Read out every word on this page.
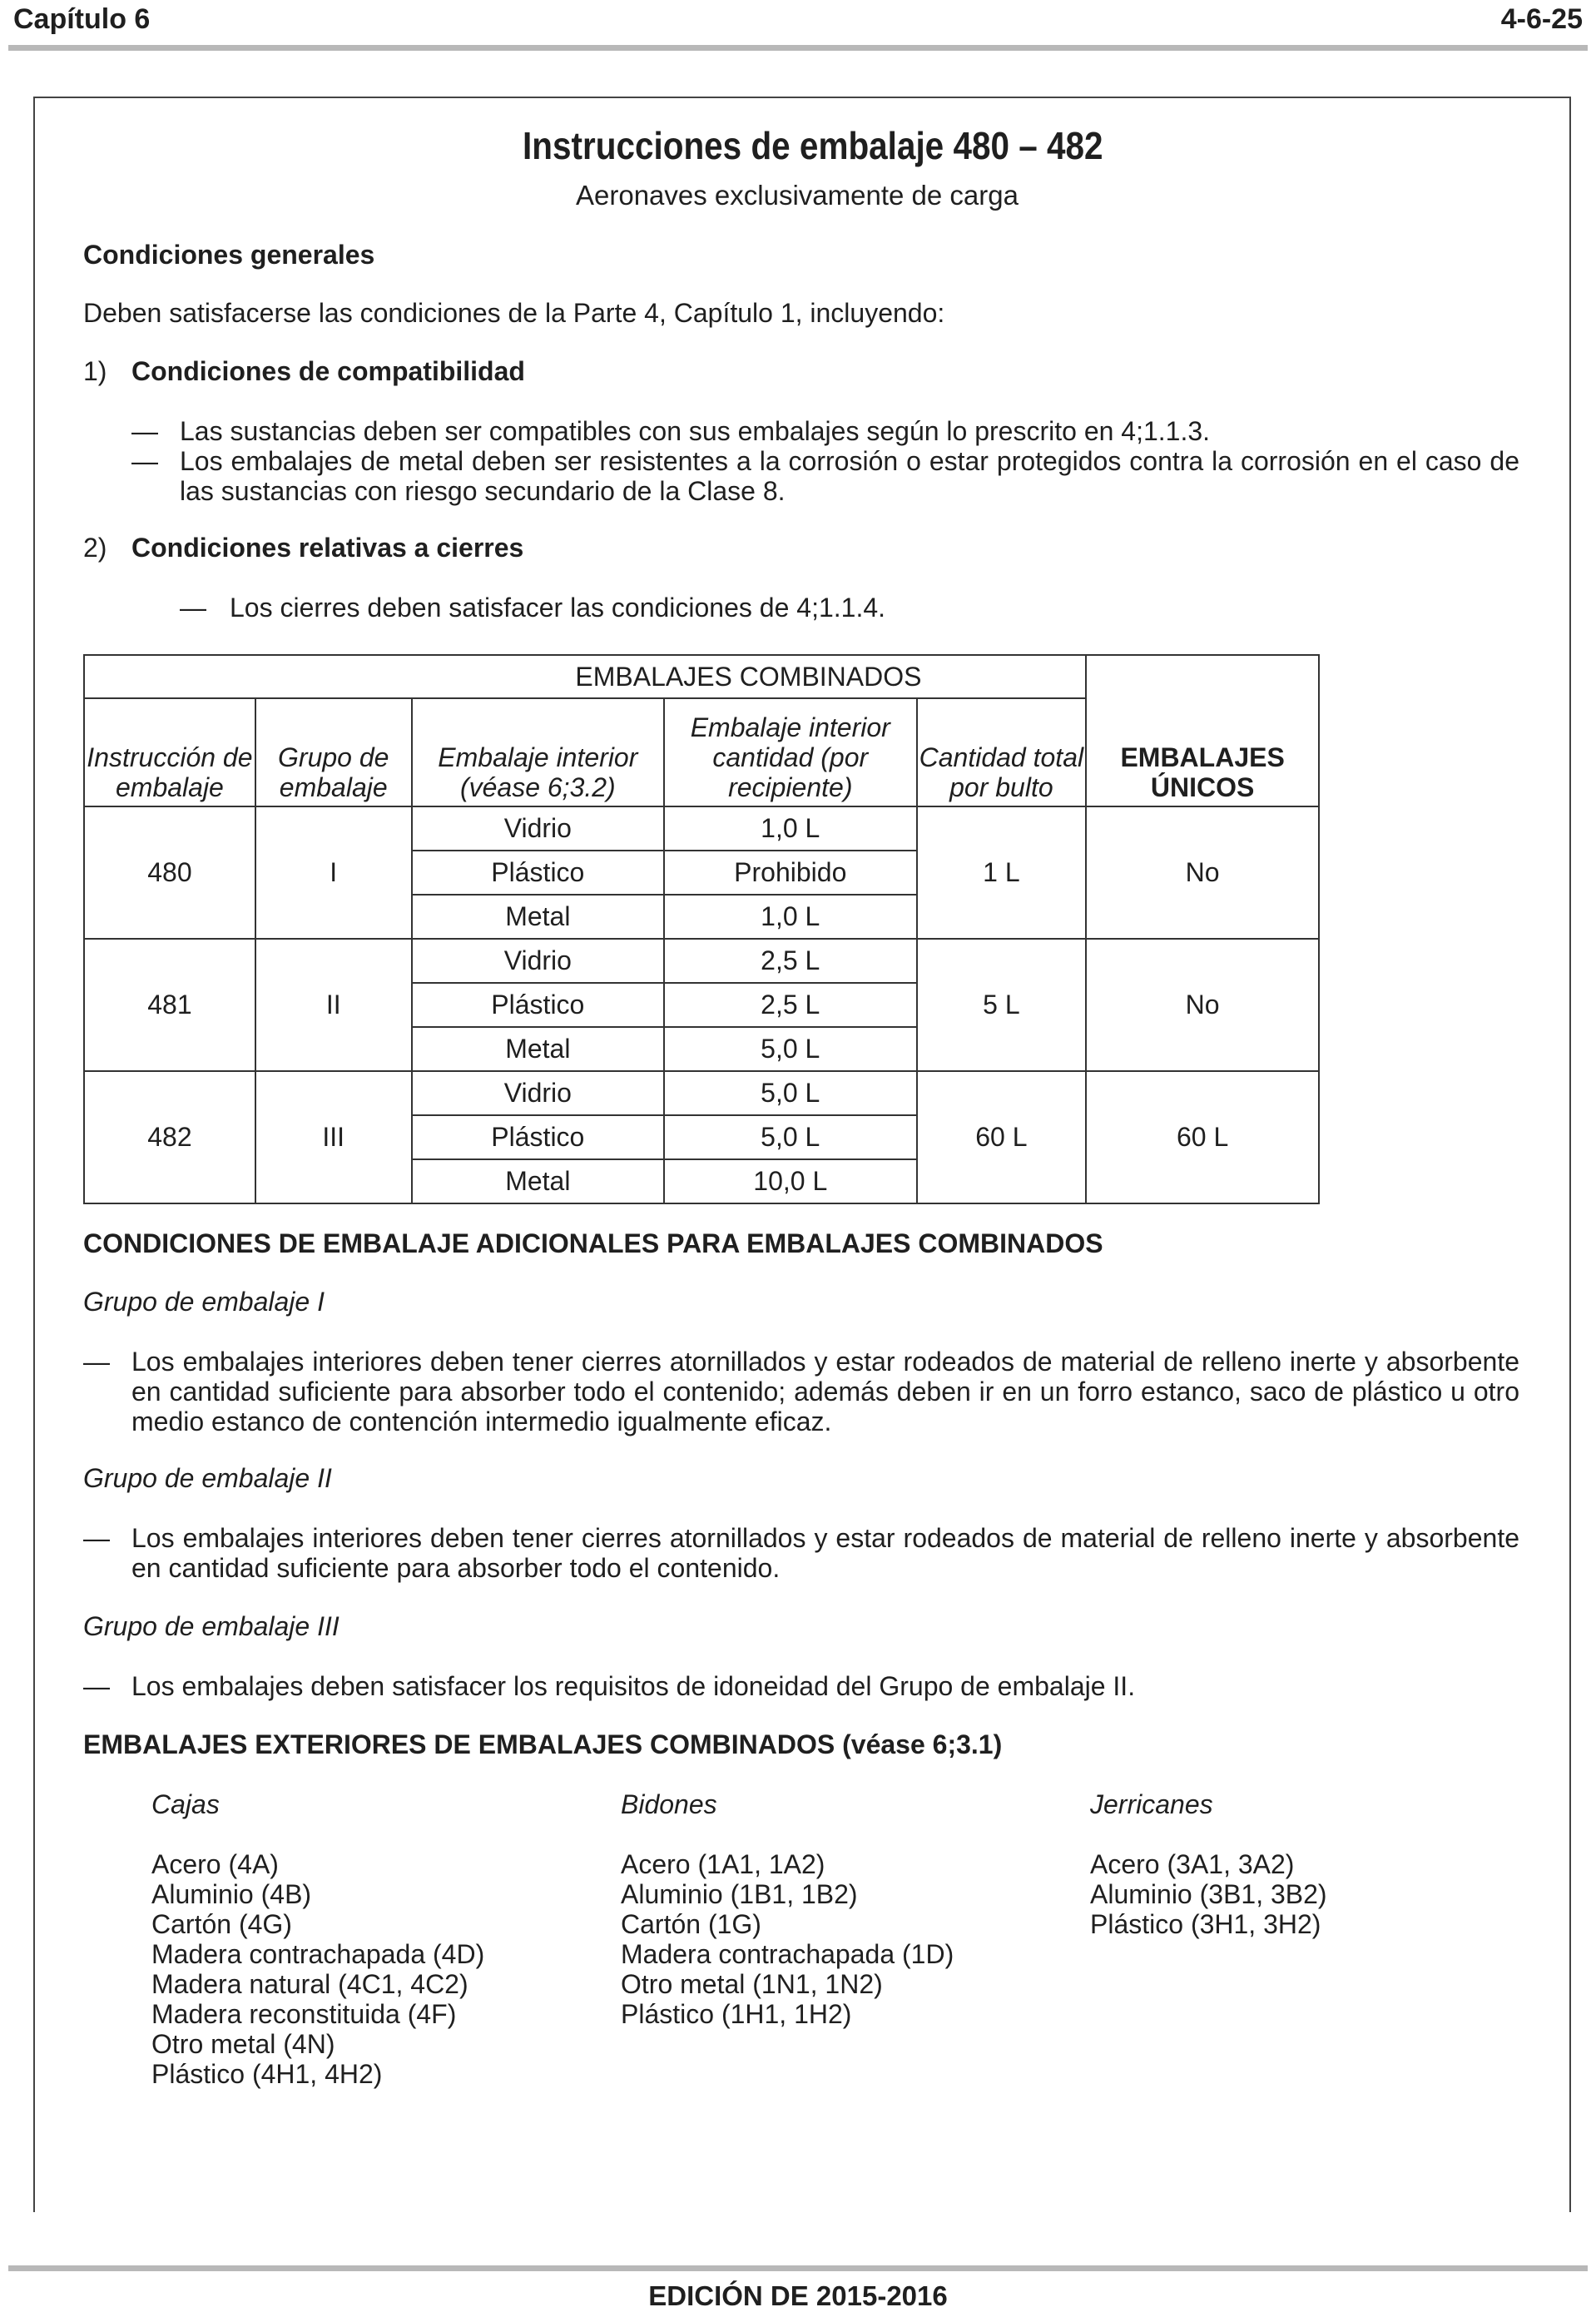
Capítulo 6	4-6-25
Instrucciones de embalaje 480 – 482
Aeronaves exclusivamente de carga
Condiciones generales
Deben satisfacerse las condiciones de la Parte 4, Capítulo 1, incluyendo:
1) Condiciones de compatibilidad
— Las sustancias deben ser compatibles con sus embalajes según lo prescrito en 4;1.1.3.
— Los embalajes de metal deben ser resistentes a la corrosión o estar protegidos contra la corrosión en el caso de las sustancias con riesgo secundario de la Clase 8.
2) Condiciones relativas a cierres
— Los cierres deben satisfacer las condiciones de 4;1.1.4.
		EMBALAJES COMBINADOS			
Instrucción de embalaje	Grupo de embalaje	Embalaje interior (véase 6;3.2)	Embalaje interior cantidad (por recipiente)	Cantidad total por bulto	EMBALAJES ÚNICOS
480	I	Vidrio	1,0 L	1 L	No
		Plástico	Prohibido		
		Metal	1,0 L		
481	II	Vidrio	2,5 L	5 L	No
		Plástico	2,5 L		
		Metal	5,0 L		
482	III	Vidrio	5,0 L	60 L	60 L
		Plástico	5,0 L		
		Metal	10,0 L		
CONDICIONES DE EMBALAJE ADICIONALES PARA EMBALAJES COMBINADOS
Grupo de embalaje I
— Los embalajes interiores deben tener cierres atornillados y estar rodeados de material de relleno inerte y absorbente en cantidad suficiente para absorber todo el contenido; además deben ir en un forro estanco, saco de plástico u otro medio estanco de contención intermedio igualmente eficaz.
Grupo de embalaje II
— Los embalajes interiores deben tener cierres atornillados y estar rodeados de material de relleno inerte y absorbente en cantidad suficiente para absorber todo el contenido.
Grupo de embalaje III
— Los embalajes deben satisfacer los requisitos de idoneidad del Grupo de embalaje II.
EMBALAJES EXTERIORES DE EMBALAJES COMBINADOS (véase 6;3.1)
Cajas
Acero (4A)
Aluminio (4B)
Cartón (4G)
Madera contrachapada (4D)
Madera natural (4C1, 4C2)
Madera reconstituida (4F)
Otro metal (4N)
Plástico (4H1, 4H2)
Bidones
Acero (1A1, 1A2)
Aluminio (1B1, 1B2)
Cartón (1G)
Madera contrachapada (1D)
Otro metal (1N1, 1N2)
Plástico (1H1, 1H2)
Jerricanes
Acero (3A1, 3A2)
Aluminio (3B1, 3B2)
Plástico (3H1, 3H2)
EDICIÓN DE 2015-2016
